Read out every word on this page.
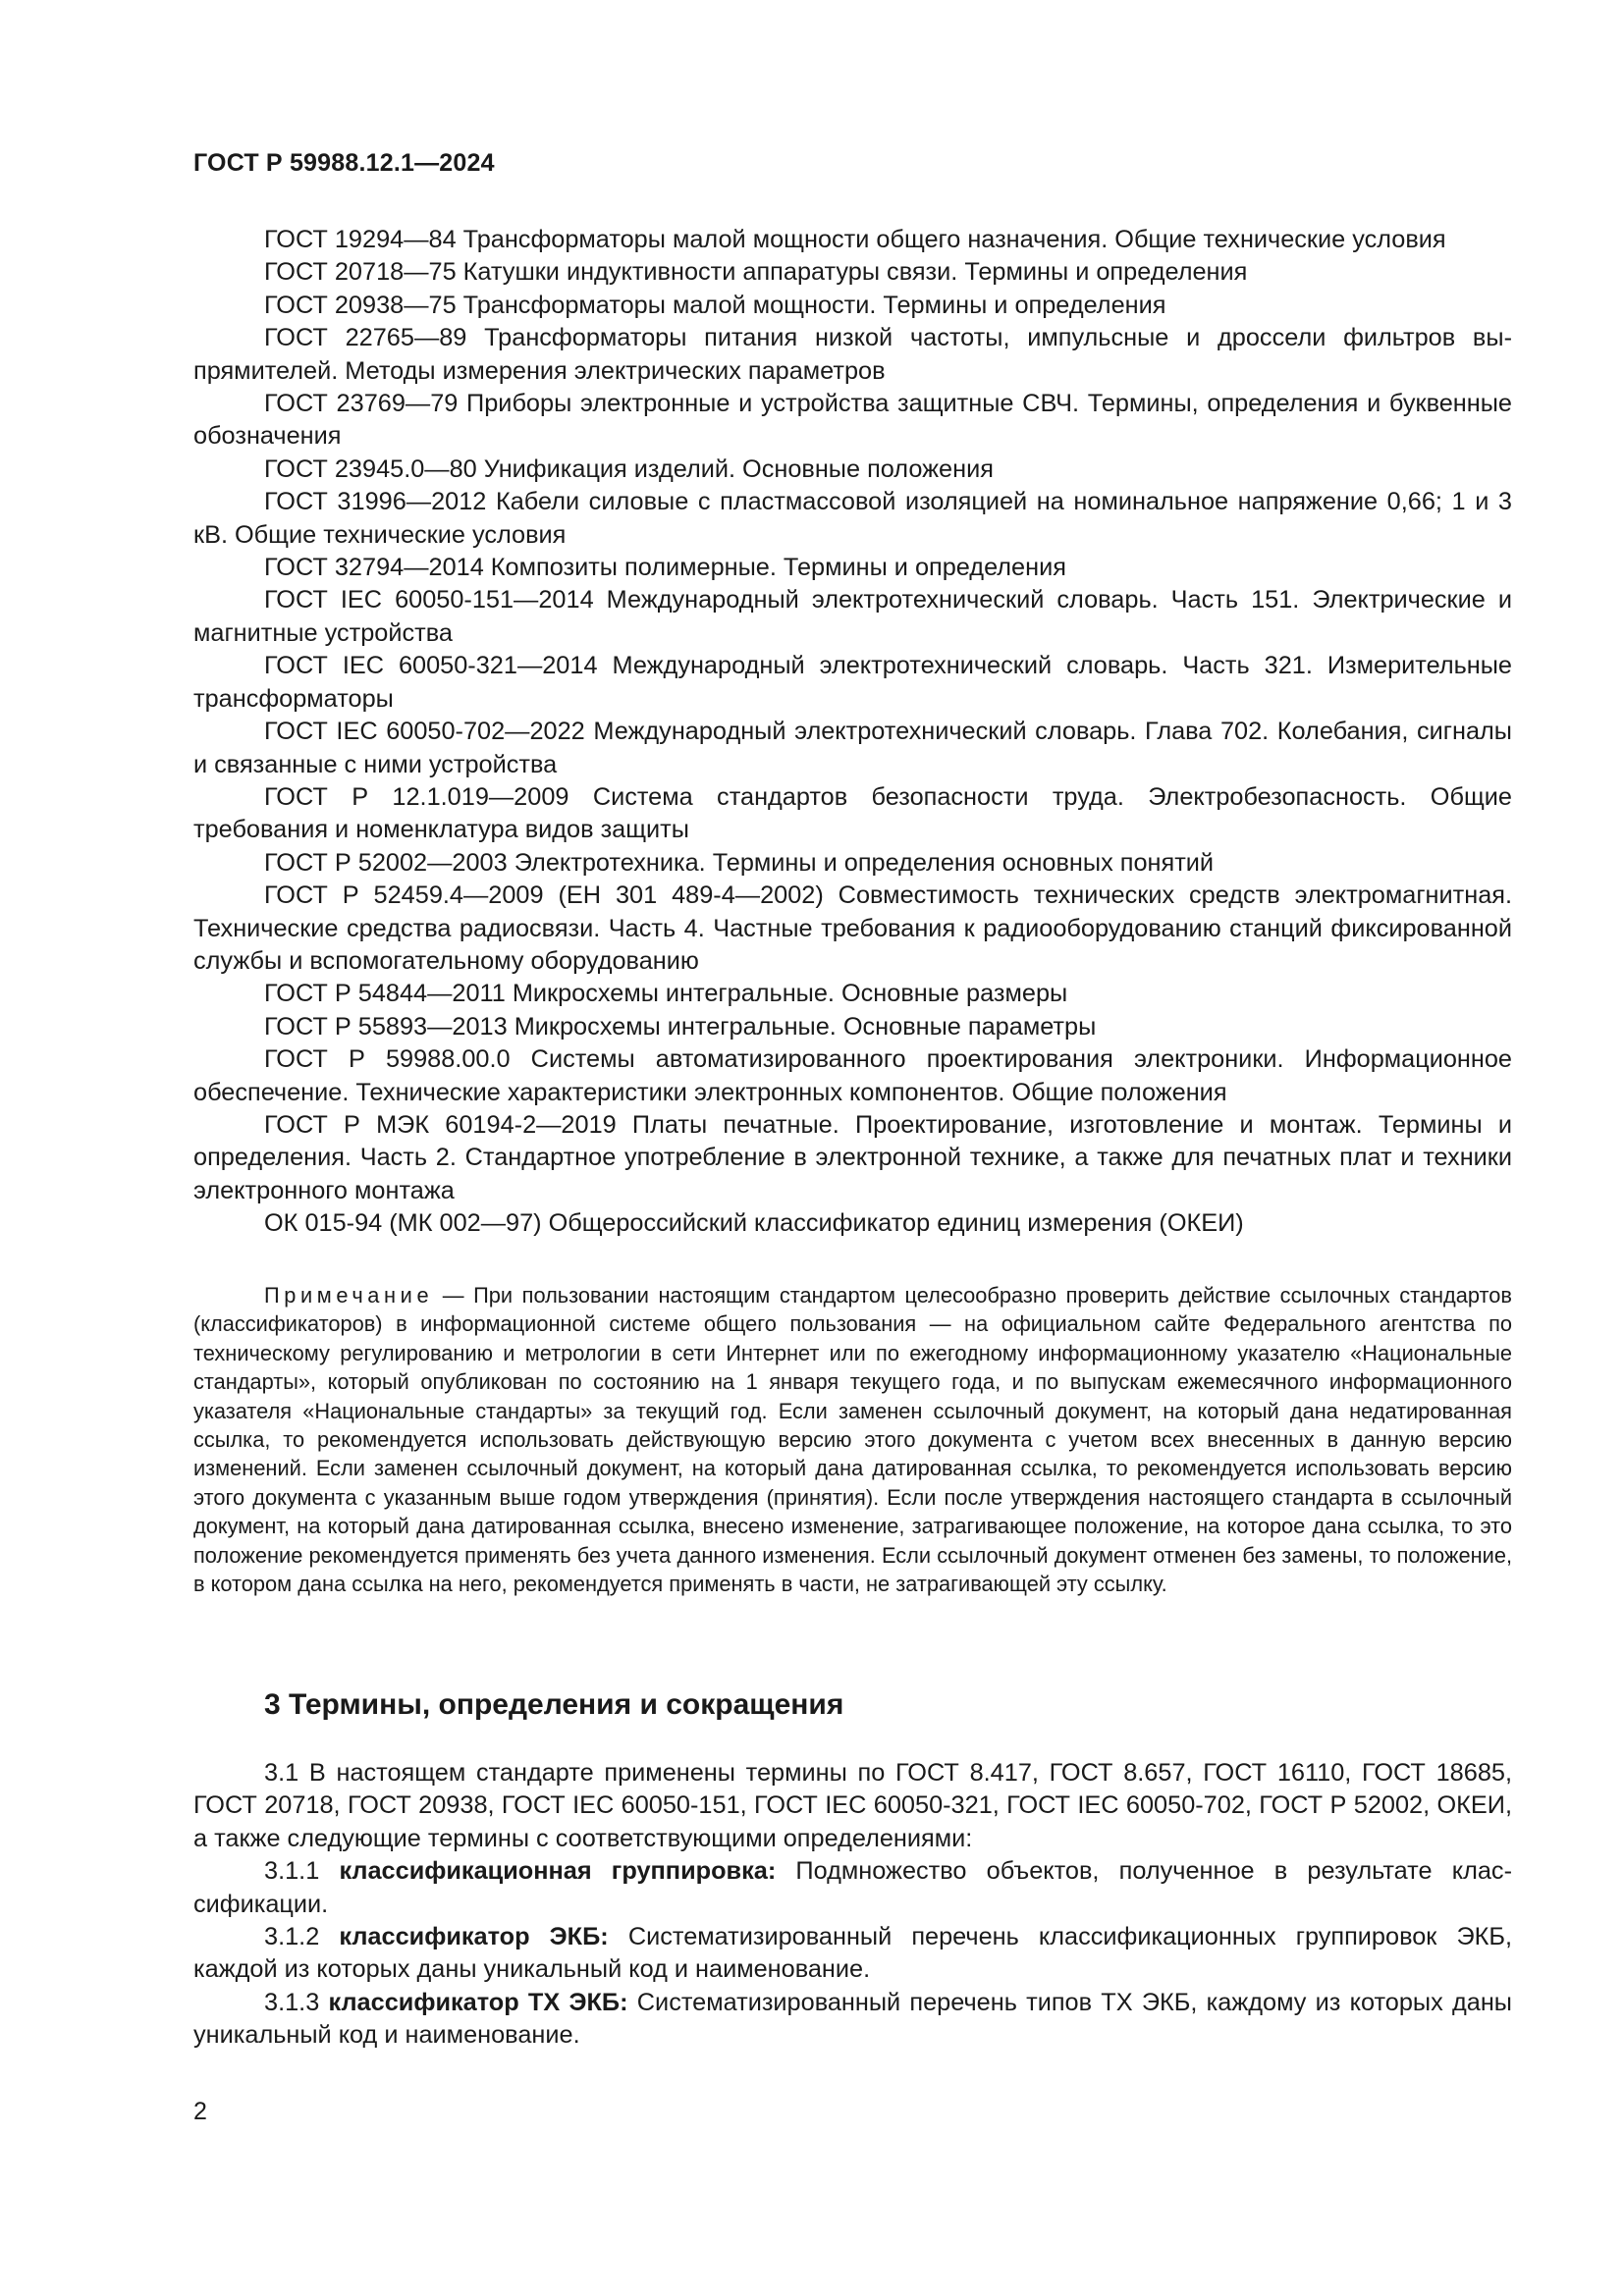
ГОСТ Р 59988.12.1—2024

ГОСТ 19294—84 Трансформаторы малой мощности общего назначения. Общие технические условия

ГОСТ 20718—75 Катушки индуктивности аппаратуры связи. Термины и определения

ГОСТ 20938—75 Трансформаторы малой мощности. Термины и определения

ГОСТ 22765—89 Трансформаторы питания низкой частоты, импульсные и дроссели фильтров выпрямителей. Методы измерения электрических параметров

ГОСТ 23769—79 Приборы электронные и устройства защитные СВЧ. Термины, определения и буквенные обозначения

ГОСТ 23945.0—80 Унификация изделий. Основные положения

ГОСТ 31996—2012 Кабели силовые с пластмассовой изоляцией на номинальное напряжение 0,66; 1 и 3 кВ. Общие технические условия

ГОСТ 32794—2014 Композиты полимерные. Термины и определения

ГОСТ IEC 60050-151—2014 Международный электротехнический словарь. Часть 151. Электрические и магнитные устройства

ГОСТ IEC 60050-321—2014 Международный электротехнический словарь. Часть 321. Измерительные трансформаторы

ГОСТ IEC 60050-702—2022 Международный электротехнический словарь. Глава 702. Колебания, сигналы и связанные с ними устройства

ГОСТ Р 12.1.019—2009 Система стандартов безопасности труда. Электробезопасность. Общие требования и номенклатура видов защиты

ГОСТ Р 52002—2003 Электротехника. Термины и определения основных понятий

ГОСТ Р 52459.4—2009 (ЕН 301 489-4—2002) Совместимость технических средств электромагнитная. Технические средства радиосвязи. Часть 4. Частные требования к радиооборудованию станций фиксированной службы и вспомогательному оборудованию

ГОСТ Р 54844—2011 Микросхемы интегральные. Основные размеры

ГОСТ Р 55893—2013 Микросхемы интегральные. Основные параметры

ГОСТ Р 59988.00.0 Системы автоматизированного проектирования электроники. Информационное обеспечение. Технические характеристики электронных компонентов. Общие положения

ГОСТ Р МЭК 60194-2—2019 Платы печатные. Проектирование, изготовление и монтаж. Термины и определения. Часть 2. Стандартное употребление в электронной технике, а также для печатных плат и техники электронного монтажа

ОК 015-94 (МК 002—97) Общероссийский классификатор единиц измерения (ОКЕИ)

Примечание — При пользовании настоящим стандартом целесообразно проверить действие ссылочных стандартов (классификаторов) в информационной системе общего пользования — на официальном сайте Федерального агентства по техническому регулированию и метрологии в сети Интернет или по ежегодному информационному указателю «Национальные стандарты», который опубликован по состоянию на 1 января текущего года, и по выпускам ежемесячного информационного указателя «Национальные стандарты» за текущий год. Если заменен ссылочный документ, на который дана недатированная ссылка, то рекомендуется использовать действующую версию этого документа с учетом всех внесенных в данную версию изменений. Если заменен ссылочный документ, на который дана датированная ссылка, то рекомендуется использовать версию этого документа с указанным выше годом утверждения (принятия). Если после утверждения настоящего стандарта в ссылочный документ, на который дана датированная ссылка, внесено изменение, затрагивающее положение, на которое дана ссылка, то это положение рекомендуется применять без учета данного изменения. Если ссылочный документ отменен без замены, то положение, в котором дана ссылка на него, рекомендуется применять в части, не затрагивающей эту ссылку.

3 Термины, определения и сокращения

3.1 В настоящем стандарте применены термины по ГОСТ 8.417, ГОСТ 8.657, ГОСТ 16110, ГОСТ 18685, ГОСТ 20718, ГОСТ 20938, ГОСТ IEC 60050-151, ГОСТ IEC 60050-321, ГОСТ IEC 60050-702, ГОСТ Р 52002, ОКЕИ, а также следующие термины с соответствующими определениями:

3.1.1 классификационная группировка: Подмножество объектов, полученное в результате классификации.

3.1.2 классификатор ЭКБ: Систематизированный перечень классификационных группировок ЭКБ, каждой из которых даны уникальный код и наименование.

3.1.3 классификатор ТХ ЭКБ: Систематизированный перечень типов ТХ ЭКБ, каждому из которых даны уникальный код и наименование.

2
